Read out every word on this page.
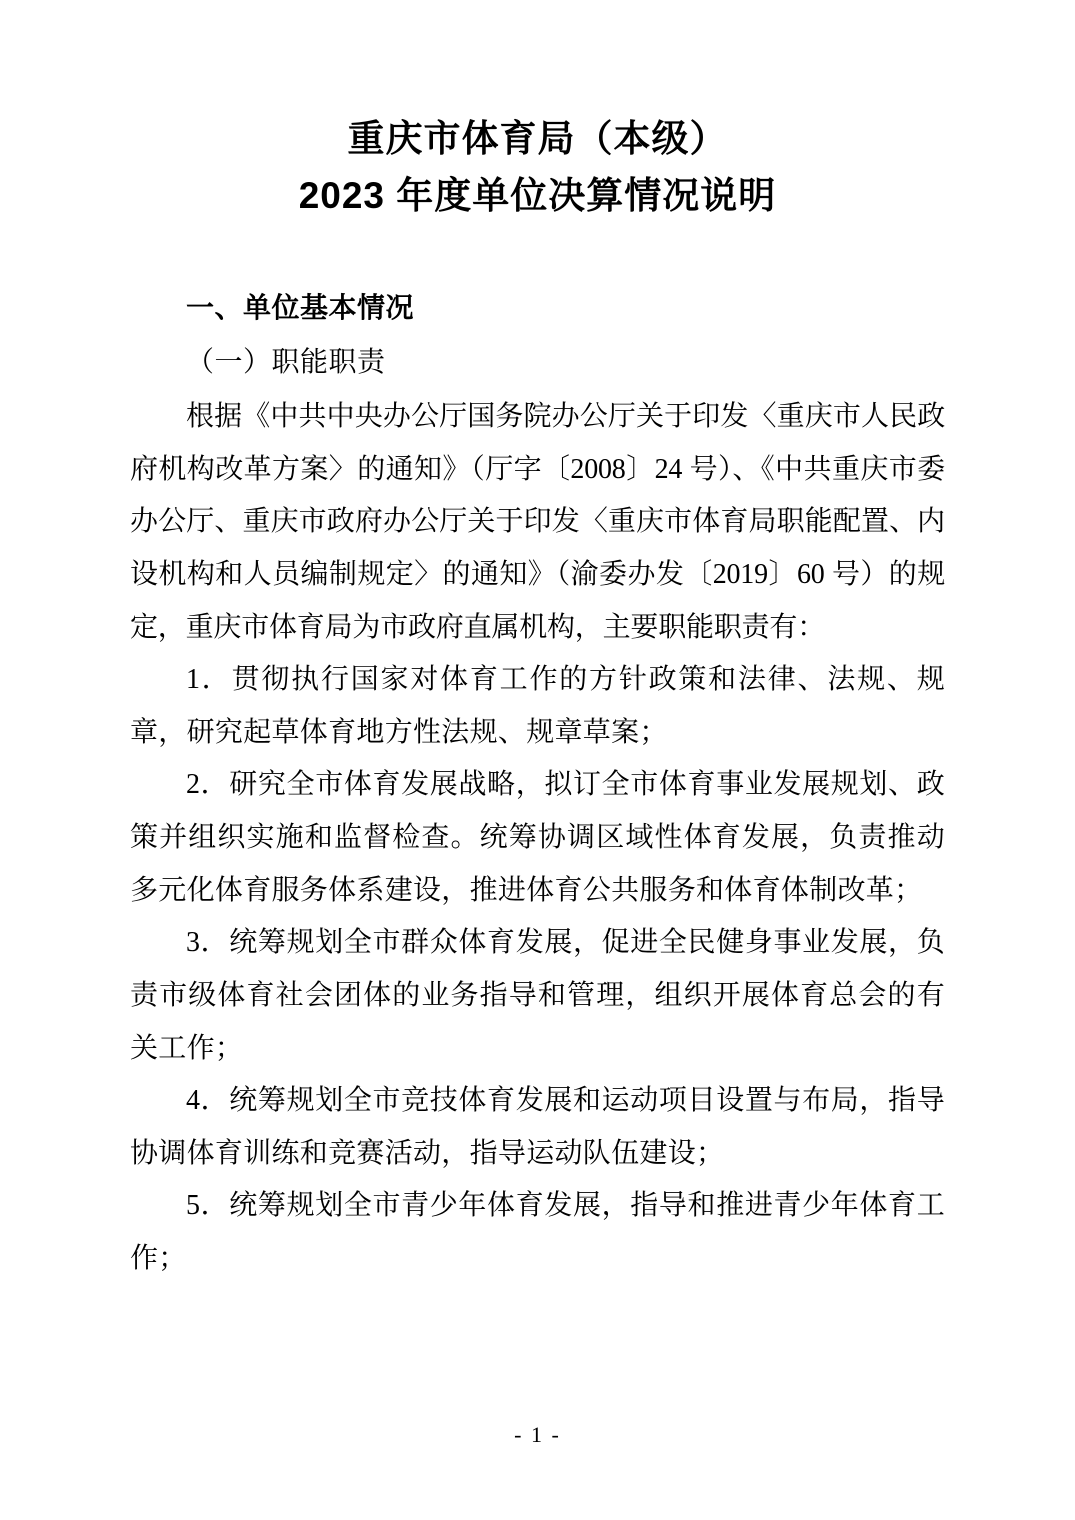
重庆市体育局（本级）
2023 年度单位决算情况说明

一、单位基本情况

（一）职能职责

根据《中共中央办公厅国务院办公厅关于印发〈重庆市人民政府机构改革方案〉的通知》（厅字〔2008〕24 号）、《中共重庆市委办公厅、重庆市政府办公厅关于印发〈重庆市体育局职能配置、内设机构和人员编制规定〉的通知》（渝委办发〔2019〕60 号）的规定，重庆市体育局为市政府直属机构，主要职能职责有：

1．贯彻执行国家对体育工作的方针政策和法律、法规、规章，研究起草体育地方性法规、规章草案；

2．研究全市体育发展战略，拟订全市体育事业发展规划、政策并组织实施和监督检查。统筹协调区域性体育发展，负责推动多元化体育服务体系建设，推进体育公共服务和体育体制改革；

3．统筹规划全市群众体育发展，促进全民健身事业发展，负责市级体育社会团体的业务指导和管理，组织开展体育总会的有关工作；

4．统筹规划全市竞技体育发展和运动项目设置与布局，指导协调体育训练和竞赛活动，指导运动队伍建设；

5．统筹规划全市青少年体育发展，指导和推进青少年体育工作；

- 1 -
